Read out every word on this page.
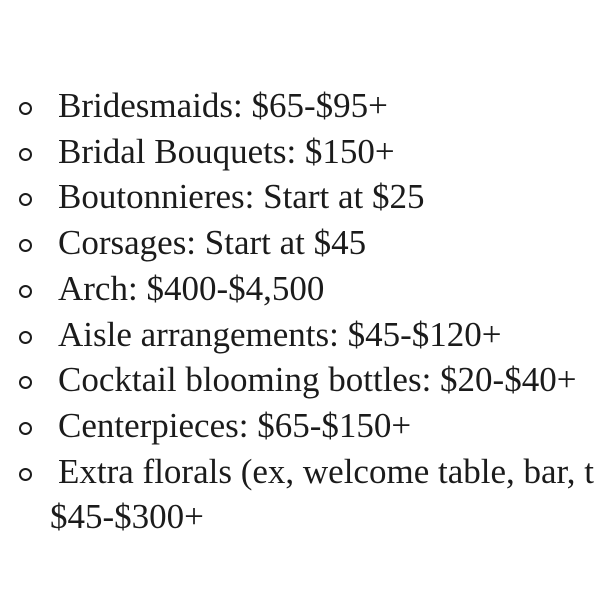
Bridesmaids: $65-$95+
Bridal Bouquets: $150+
Boutonnieres: Start at $25
Corsages: Start at $45
Arch: $400-$4,500
Aisle arrangements: $45-$120+
Cocktail blooming bottles: $20-$40+
Centerpieces: $65-$150+
Extra florals (ex, welcome table, bar, t
$45-$300+
